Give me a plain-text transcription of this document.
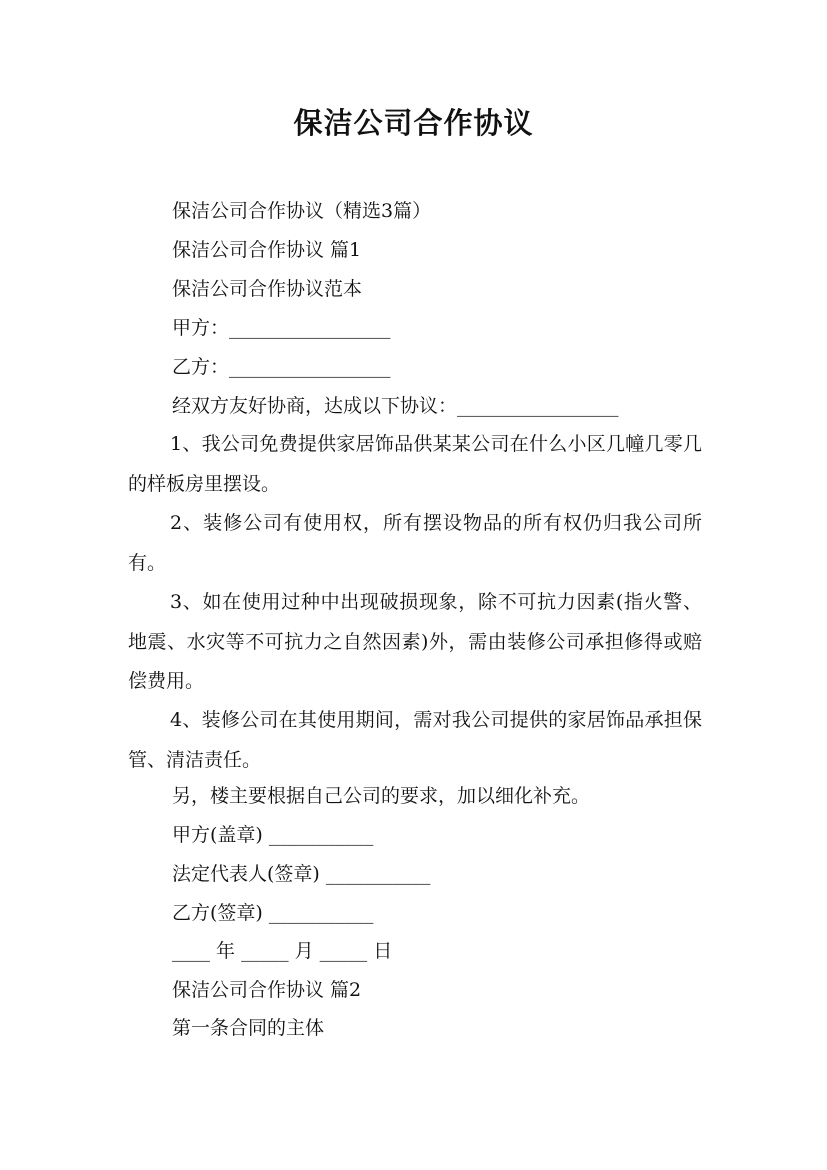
保洁公司合作协议
保洁公司合作协议（精选3篇）
保洁公司合作协议 篇1
保洁公司合作协议范本
甲方：_________________
乙方：_________________
经双方友好协商，达成以下协议：_________________
1、我公司免费提供家居饰品供某某公司在什么小区几幢几零几的样板房里摆设。
2、装修公司有使用权，所有摆设物品的所有权仍归我公司所有。
3、如在使用过种中出现破损现象，除不可抗力因素(指火警、地震、水灾等不可抗力之自然因素)外，需由装修公司承担修得或赔偿费用。
4、装修公司在其使用期间，需对我公司提供的家居饰品承担保管、清洁责任。
另，楼主要根据自己公司的要求，加以细化补充。
甲方(盖章) ___________
法定代表人(签章) ___________
乙方(签章) ___________
____ 年 _____ 月 _____ 日
保洁公司合作协议 篇2
第一条合同的主体
